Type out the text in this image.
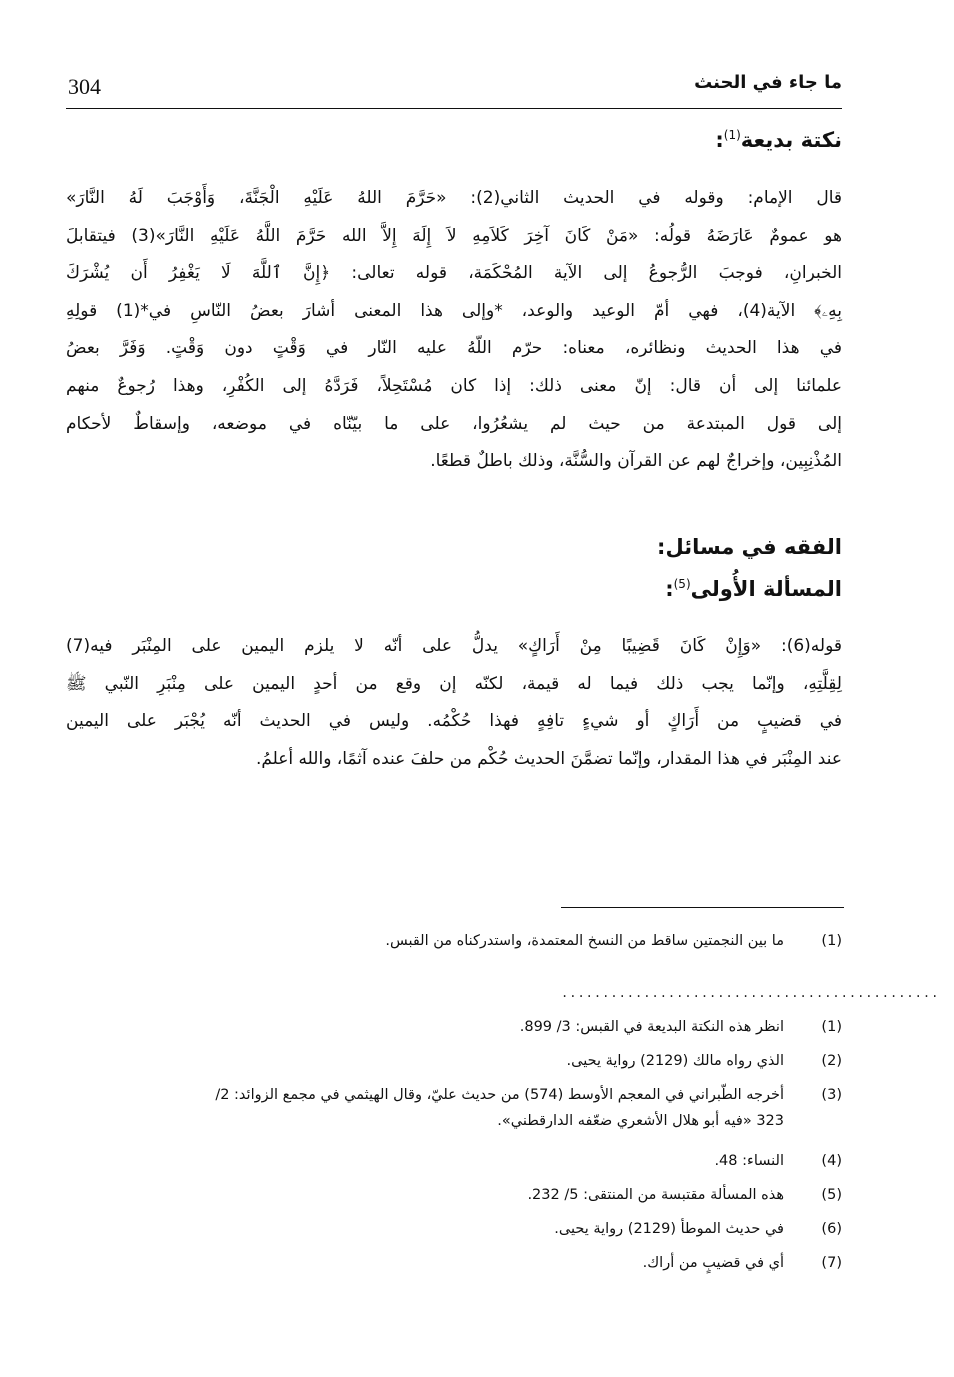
304	ما جاء في الحنث
نكتة بديعة$^{(1)}$:
قال الإمام: وقوله في الحديث الثاني(2): «حَرَّمَ اللهُ عَلَيْهِ الْجَنَّةَ، وَأَوْجَبَ لَهُ النَّارَ»
هو عمومٌ عَارَضَهُ قولُه: «مَنْ كَانَ آخِرَ كَلاَمِهِ لاَ إِلَهَ إِلاَّ الله حَرَّمَ اللَّهُ عَلَيْهِ النَّارَ»(3) فيتقابلَ
الخبرانِ، فوجبَ الرُّجوعُ إلى الآية المُحْكَمَة، قوله تعالى: ﴿إِنَّ ٱللَّهَ لَا يَغْفِرُ أَن يُشْرَكَ
بِهِۦ﴾ الآية(4)، فهي أمّ الوعيد والوعد، *وإلى هذا المعنى أشارَ بعضُ النّاسِ في*(1) قولِهِ
في هذا الحديث ونظائره، معناه: حرّم اللّهُ عليه النّار في وَقْتٍ دون وَقْتٍ. وَفَرَّ بعضُ
علمائنا إلى أن قال: إنّ معنى ذلك: إذا كان مُسْتَحِلاً، فَرَدَّهُ إلى الكُفْرِ، وهذا رُجوعٌ منهم
إلى قول المبتدعة من حيث لم يشعُرُوا، على ما بيّنّاه في موضعه، وإسقاطٌ لأحكام
المُذْنِبِين، وإخراجٌ لهم عن القرآن والسُّنَّة، وذلك باطلٌ قطعًا.
الفقه في مسائل:
المسألة الأُولى$^{(5)}$:
قوله(6): «وَإِنْ كَانَ قَضِيبًا مِنْ أَرَاكٍ» يدلُّ على أنّه لا يلزم اليمين على المِنْبَر فيه(7)
لِقِلَّتِهِ، وإنّما يجب ذلك فيما له قيمة، لكنّه إن وقع من أحدٍ اليمين على مِنْبَرِ النّبي ﷺ
في قضيبٍ من أَرَاكٍ أو شيءٍ تافِهٍ فهذا حُكْمُه. وليس في الحديث أنّه يُجْبَر على اليمين
عند المِنْبَر في هذا المقدار، وإنّما تضمَّنَ الحديث حُكْم من حلفَ عنده آثمًا، والله أعلمُ.
(1)
ما بين النجمتين ساقط من النسخ المعتمدة، واستدركناه من القبس.
..............................................
(1)
انظر هذه النكتة البديعة في القبس: 3/ 899.
(2)
الذي رواه مالك (2129) رواية يحيى.
(3)
أخرجه الطّبراني في المعجم الأوسط (574) من حديث عليّ، وقال الهيثمي في مجمع الزوائد: 2/
323 «فيه أبو هلال الأشعري ضعّفه الدارقطني».
(4)
النساء: 48.
(5)
هذه المسألة مقتبسة من المنتقى: 5/ 232.
(6)
في حديث الموطأ (2129) رواية يحيى.
(7)
أي في قضيبٍ من أراك.
